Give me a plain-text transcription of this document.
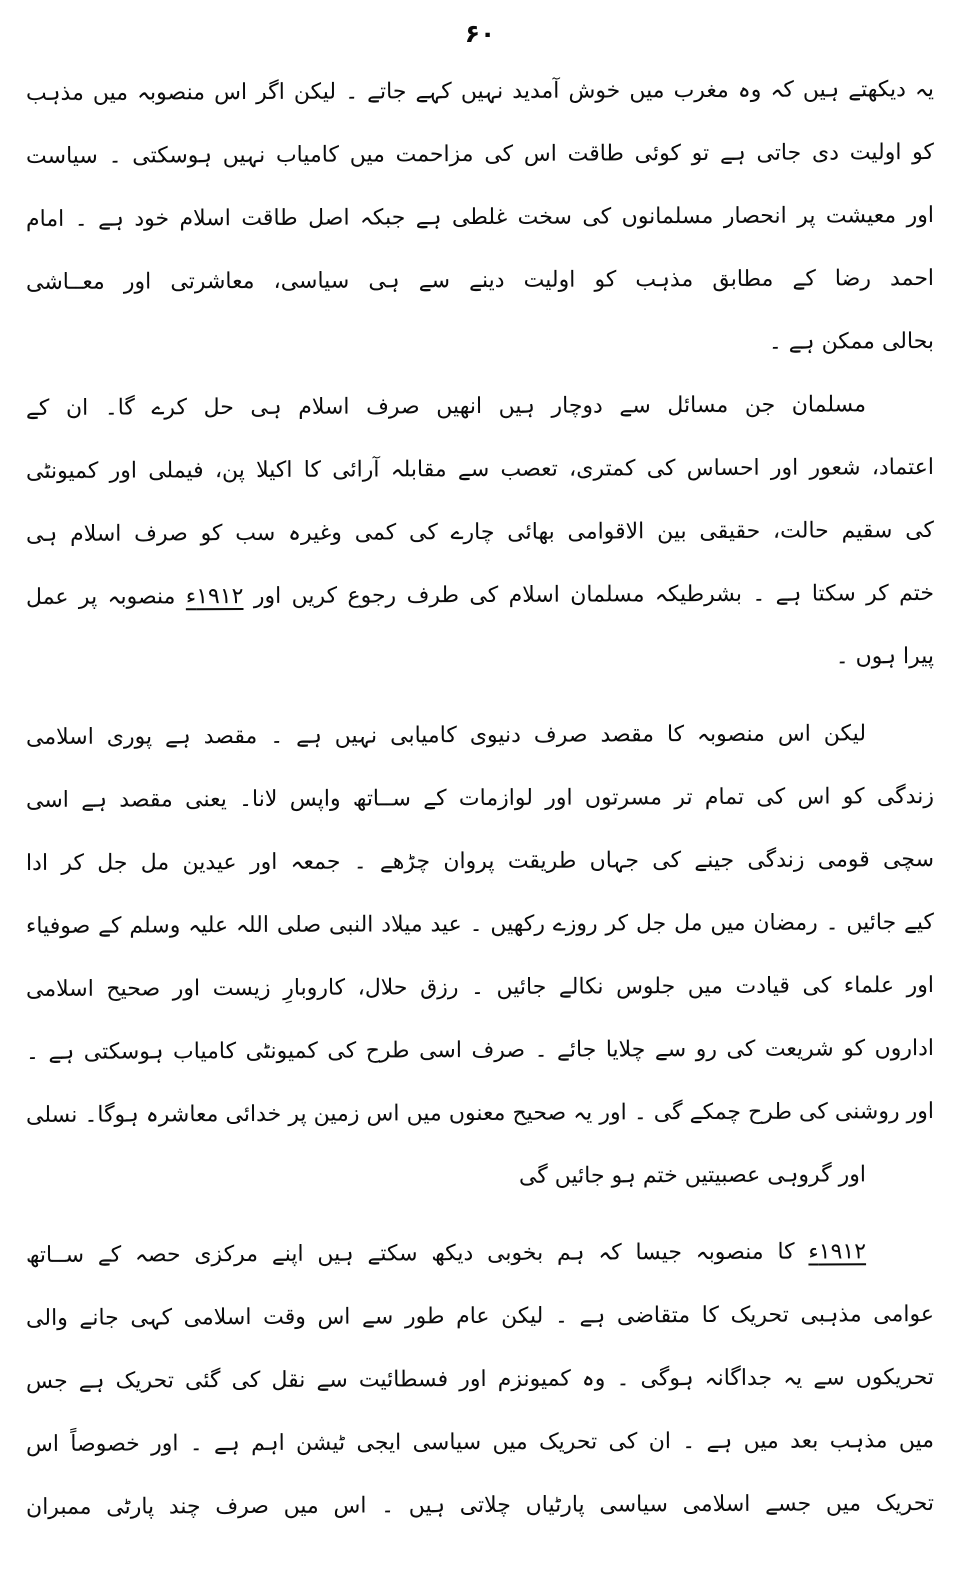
۶۰
یہ دیکھتے ہیں کہ وہ مغرب میں خوش آمدید نہیں کہے جاتے ۔ لیکن اگر اس منصوبہ میں مذہب
کو اولیت دی جاتی ہے تو کوئی طاقت اس کی مزاحمت میں کامیاب نہیں ہوسکتی ۔ سیاست
اور معیشت پر انحصار مسلمانوں کی سخت غلطی ہے جبکہ اصل طاقت اسلام خود ہے ۔ امام
احمد رضا کے مطابق مذہب کو اولیت دینے سے ہی سیاسی، معاشرتی اور معــاشی
بحالی ممکن ہے ۔
مسلمان جن مسائل سے دوچار ہیں انھیں صرف اسلام ہی حل کرے گا۔ ان کے
اعتماد، شعور اور احساس کی کمتری، تعصب سے مقابلہ آرائی کا اکیلا پن، فیملی اور کمیونٹی
کی سقیم حالت، حقیقی بین الاقوامی بھائی چارے کی کمی وغیرہ سب کو صرف اسلام ہی
ختم کر سکتا ہے ۔ بشرطیکہ مسلمان اسلام کی طرف رجوع کریں اور ۱۹۱۲ء منصوبہ پر عمل
پیرا ہوں ۔
لیکن اس منصوبہ کا مقصد صرف دنیوی کامیابی نہیں ہے ۔ مقصد ہے پوری اسلامی
زندگی کو اس کی تمام تر مسرتوں اور لوازمات کے ســاتھ واپس لانا۔ یعنی مقصد ہے اسی
سچی قومی زندگی جینے کی جہاں طریقت پروان چڑھے ۔ جمعہ اور عیدین مل جل کر ادا
کیے جائیں ۔ رمضان میں مل جل کر روزے رکھیں ۔ عید میلاد النبی صلی اللہ علیہ وسلم کے صوفیاء
اور علماء کی قیادت میں جلوس نکالے جائیں ۔ رزق حلال، کاروبارِ زیست اور صحیح اسلامی
اداروں کو شریعت کی رو سے چلایا جائے ۔ صرف اسی طرح کی کمیونٹی کامیاب ہوسکتی ہے ۔
اور روشنی کی طرح چمکے گی ۔ اور یہ صحیح معنوں میں اس زمین پر خدائی معاشرہ ہوگا۔ نسلی
اور گروہی عصبیتیں ختم ہو جائیں گی
۱۹۱۲ء کا منصوبہ جیسا کہ ہم بخوبی دیکھ سکتے ہیں اپنے مرکزی حصہ کے ســاتھ
عوامی مذہبی تحریک کا متقاضی ہے ۔ لیکن عام طور سے اس وقت اسلامی کہی جانے والی
تحریکوں سے یہ جداگانہ ہوگی ۔ وہ کمیونزم اور فسطائیت سے نقل کی گئی تحریک ہے جس
میں مذہب بعد میں ہے ۔ ان کی تحریک میں سیاسی ایجی ٹیشن اہم ہے ۔ اور خصوصاً اس
تحریک میں جسے اسلامی سیاسی پارٹیاں چلاتی ہیں ۔ اس میں صرف چند پارٹی ممبران
